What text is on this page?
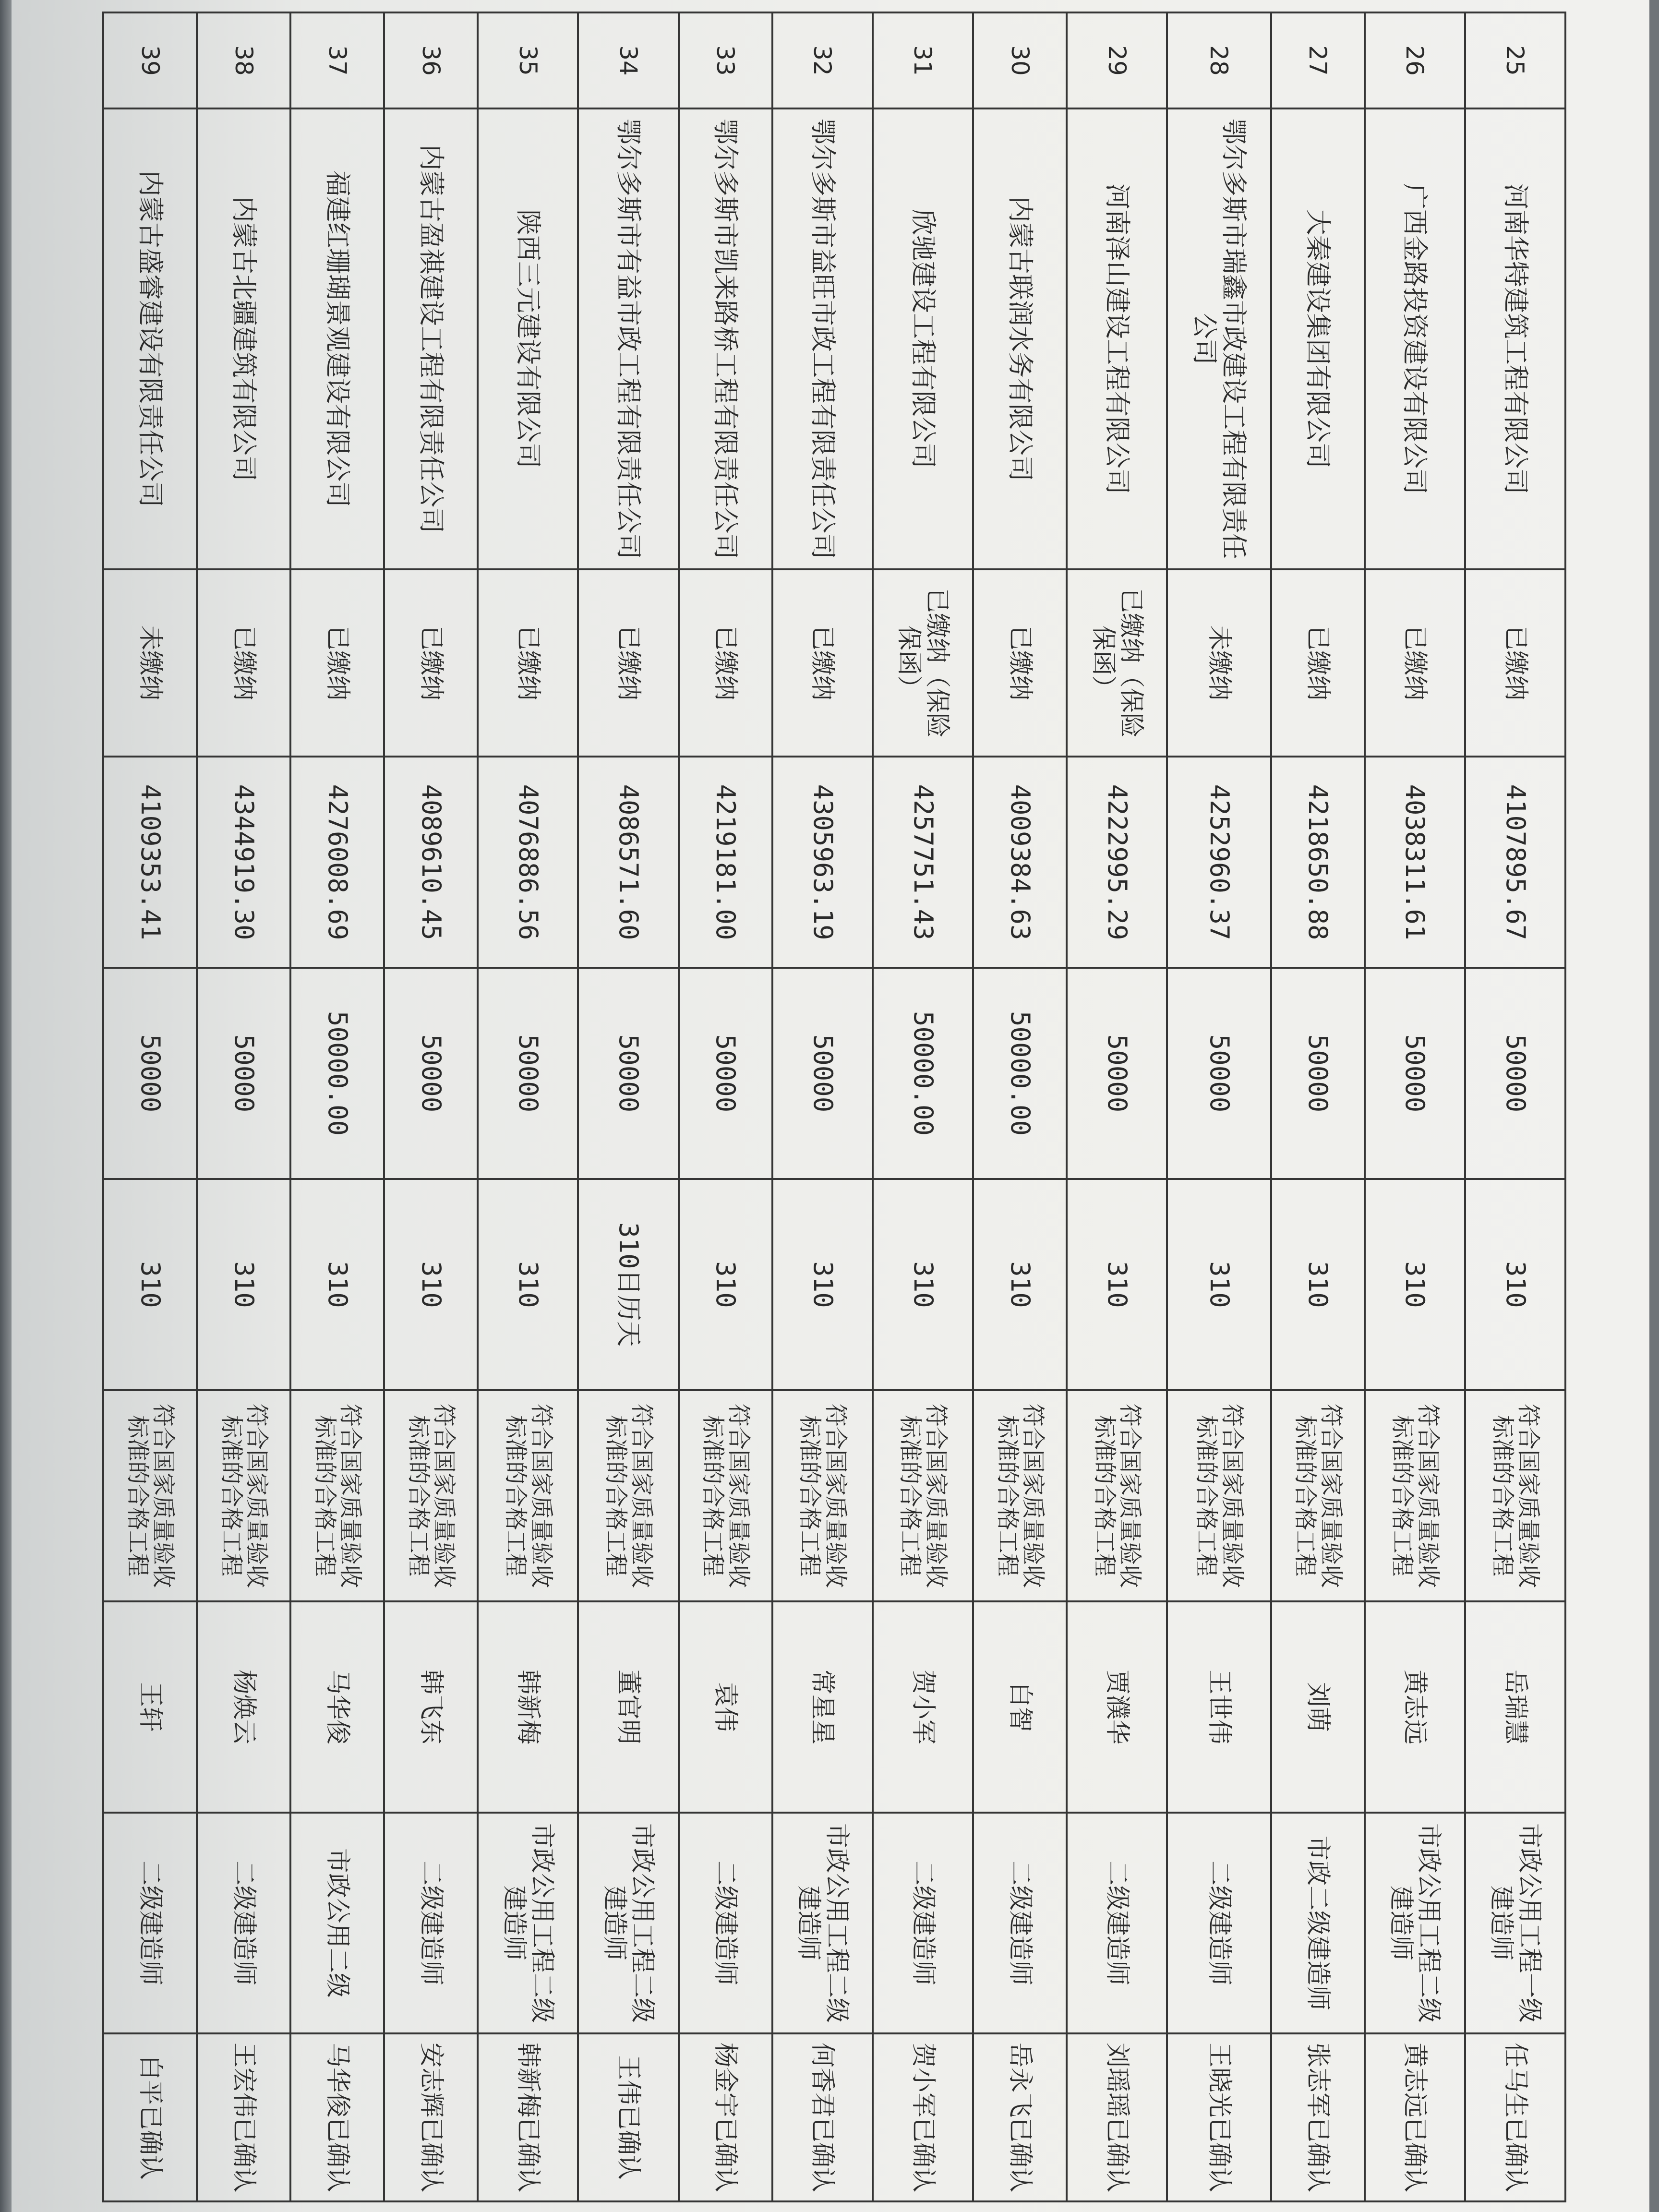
25	河南华特建筑工程有限公司	已缴纳	4107895.67	50000	310	符合国家质量验收标准的合格工程	岳瑞慧	市政公用工程一级建造师	任马生已确认
26	广西金路投资建设有限公司	已缴纳	4038311.61	50000	310	符合国家质量验收标准的合格工程	黄志远	市政公用工程二级建造师	黄志远已确认
27	大秦建设集团有限公司	已缴纳	4218650.88	50000	310	符合国家质量验收标准的合格工程	刘萌	市政二级建造师	张志军已确认
28	鄂尔多斯市瑞鑫市政建设工程有限责任公司	未缴纳	4252960.37	50000	310	符合国家质量验收标准的合格工程	王世伟	二级建造师	王晓光已确认
29	河南泽山建设工程有限公司	已缴纳（保险保函）	4222995.29	50000	310	符合国家质量验收标准的合格工程	贾濮华	二级建造师	刘瑶瑶已确认
30	内蒙古联润水务有限公司	已缴纳	4009384.63	50000.00	310	符合国家质量验收标准的合格工程	白智	二级建造师	岳永飞已确认
31	欣驰建设工程有限公司	已缴纳（保险保函）	4257751.43	50000.00	310	符合国家质量验收标准的合格工程	贺小军	二级建造师	贺小军已确认
32	鄂尔多斯市益旺市政工程有限责任公司	已缴纳	4305963.19	50000	310	符合国家质量验收标准的合格工程	常星星	市政公用工程二级建造师	何香君已确认
33	鄂尔多斯市凯来路桥工程有限责任公司	已缴纳	4219181.00	50000	310	符合国家质量验收标准的合格工程	袁伟	二级建造师	杨金宇已确认
34	鄂尔多斯市有益市政工程有限责任公司	已缴纳	4086571.60	50000	310日历天	符合国家质量验收标准的合格工程	董官明	市政公用工程二级建造师	王伟已确认
35	陕西三元建设有限公司	已缴纳	4076886.56	50000	310	符合国家质量验收标准的合格工程	韩新梅	市政公用工程二级建造师	韩新梅已确认
36	内蒙古盈祺建设工程有限责任公司	已缴纳	4089610.45	50000	310	符合国家质量验收标准的合格工程	韩飞东	二级建造师	安志辉已确认
37	福建红珊瑚景观建设有限公司	已缴纳	4276008.69	50000.00	310	符合国家质量验收标准的合格工程	马华俊	市政公用二级	马华俊已确认
38	内蒙古北疆建筑有限公司	已缴纳	4344919.30	50000	310	符合国家质量验收标准的合格工程	杨焕云	二级建造师	王宏伟已确认
39	内蒙古盛睿建设有限责任公司	未缴纳	4109353.41	50000	310	符合国家质量验收标准的合格工程	王轩	二级建造师	白平已确认
